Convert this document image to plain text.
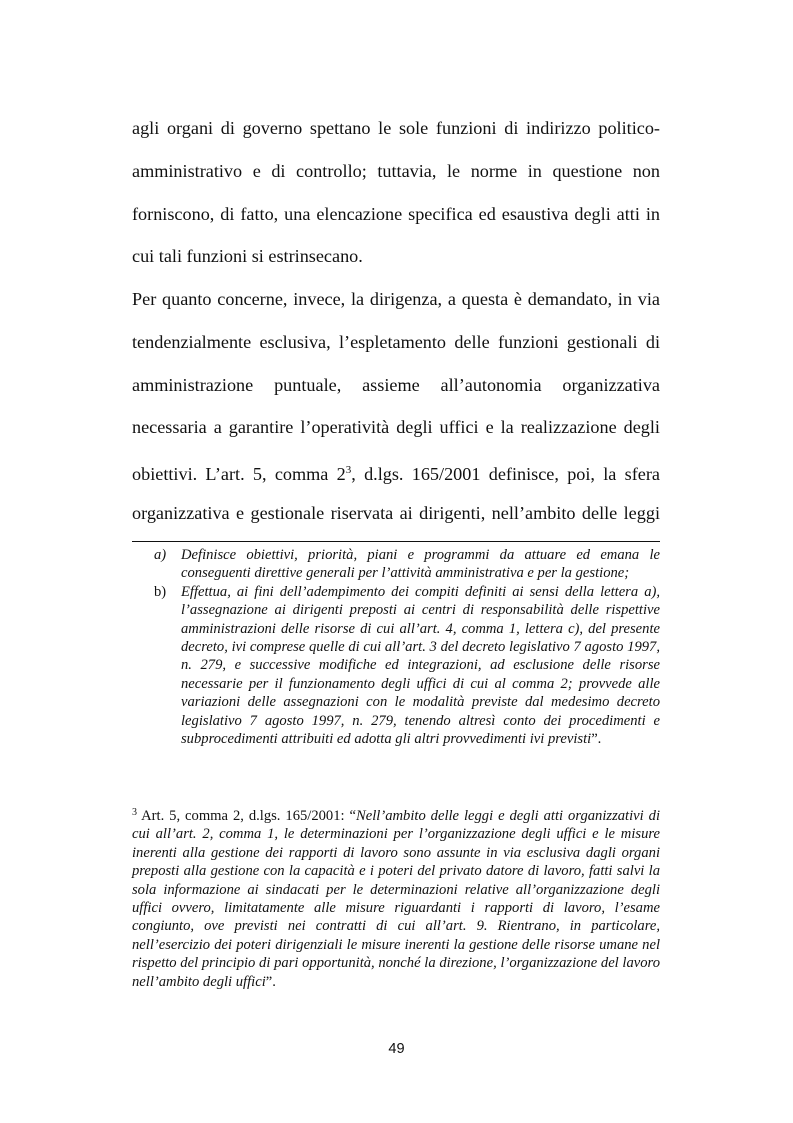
agli organi di governo spettano le sole funzioni di indirizzo politico-
amministrativo e di controllo; tuttavia, le norme in questione non
forniscono, di fatto, una elencazione specifica ed esaustiva degli atti in
cui tali funzioni si estrinsecano.
Per quanto concerne, invece, la dirigenza, a questa è demandato, in via
tendenzialmente esclusiva, l’espletamento delle funzioni gestionali di
amministrazione puntuale, assieme all’autonomia organizzativa
necessaria a garantire l’operatività degli uffici e la realizzazione degli
obiettivi. L’art. 5, comma 2$^3$, d.lgs. 165/2001 definisce, poi, la sfera
organizzativa e gestionale riservata ai dirigenti, nell’ambito delle leggi
a) Definisce obiettivi, priorità, piani e programmi da attuare ed emana le conseguenti direttive generali per l’attività amministrativa e per la gestione;
b) Effettua, ai fini dell’adempimento dei compiti definiti ai sensi della lettera a), l’assegnazione ai dirigenti preposti ai centri di responsabilità delle rispettive amministrazioni delle risorse di cui all’art. 4, comma 1, lettera c), del presente decreto, ivi comprese quelle di cui all’art. 3 del decreto legislativo 7 agosto 1997, n. 279, e successive modifiche ed integrazioni, ad esclusione delle risorse necessarie per il funzionamento degli uffici di cui al comma 2; provvede alle variazioni delle assegnazioni con le modalità previste dal medesimo decreto legislativo 7 agosto 1997, n. 279, tenendo altresì conto dei procedimenti e subprocedimenti attribuiti ed adotta gli altri provvedimenti ivi previsti”.
$^3$ Art. 5, comma 2, d.lgs. 165/2001: “Nell’ambito delle leggi e degli atti organizzativi di cui all’art. 2, comma 1, le determinazioni per l’organizzazione degli uffici e le misure inerenti alla gestione dei rapporti di lavoro sono assunte in via esclusiva dagli organi preposti alla gestione con la capacità e i poteri del privato datore di lavoro, fatti salvi la sola informazione ai sindacati per le determinazioni relative all’organizzazione degli uffici ovvero, limitatamente alle misure riguardanti i rapporti di lavoro, l’esame congiunto, ove previsti nei contratti di cui all’art. 9. Rientrano, in particolare, nell’esercizio dei poteri dirigenziali le misure inerenti la gestione delle risorse umane nel rispetto del principio di pari opportunità, nonché la direzione, l’organizzazione del lavoro nell’ambito degli uffici”.
49
